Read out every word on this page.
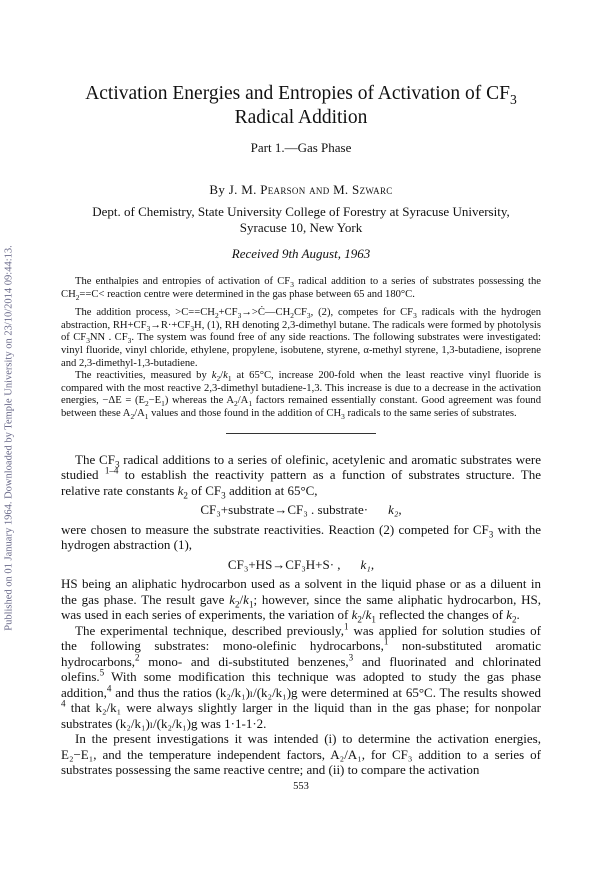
Published on 01 January 1964. Downloaded by Temple University on 23/10/2014 09:44:13.
Activation Energies and Entropies of Activation of $CF_3$
Radical Addition
Part 1.—Gas Phase
By J. M. Pearson and M. Szwarc
Dept. of Chemistry, State University College of Forestry at Syracuse University,
Syracuse 10, New York
Received 9th August, 1963

The enthalpies and entropies of activation of $CF_3$ radical addition to a series of substrates possessing the $CH_2==C<$ reaction centre were determined in the gas phase between 65 and 180°C.

The addition process, $>C==CH_2+CF_3\to>Ċ—CH_2CF_3$, (2), competes for $CF_3$ radicals with the hydrogen abstraction, $RH+CF_3\to R\cdot+CF_3H$, (1), RH denoting 2,3-dimethyl butane. The radicals were formed by photolysis of $CF_3NN$ . $CF_3$. The system was found free of any side reactions. The following substrates were investigated: vinyl fluoride, vinyl chloride, ethylene, propylene, isobutene, styrene, α-methyl styrene, 1,3-butadiene, isoprene and 2,3-dimethyl-1,3-butadiene.

The reactivities, measured by $k_2/k_1$ at 65°C, increase 200-fold when the least reactive vinyl fluoride is compared with the most reactive 2,3-dimethyl butadiene-1,3. This increase is due to a decrease in the activation energies, $-\Delta E = (E_2-E_1)$ whereas the $A_2/A_1$ factors remained essentially constant. Good agreement was found between these $A_2/A_1$ values and those found in the addition of $CH_3$ radicals to the same series of substrates.

The $CF_3$ radical additions to a series of olefinic, acetylenic and aromatic substrates were studied $^{1-4}$ to establish the reactivity pattern as a function of substrates structure. The relative rate constants $k_2$ of $CF_3$ addition at 65°C,

CF₃+substrate→CF₃ . substrate· k₂,

were chosen to measure the substrate reactivities. Reaction (2) competed for $CF_3$ with the hydrogen abstraction (1),

CF₃+HS→CF₃H+S· , k₁,

HS being an aliphatic hydrocarbon used as a solvent in the liquid phase or as a diluent in the gas phase. The result gave $k_2/k_1$; however, since the same aliphatic hydrocarbon, HS, was used in each series of experiments, the variation of $k_2/k_1$ reflected the changes of $k_2$.

The experimental technique, described previously,$^1$ was applied for solution studies of the following substrates: mono-olefinic hydrocarbons,$^1$ non-substituted aromatic hydrocarbons,$^2$ mono- and di-substituted benzenes,$^3$ and fluorinated and chlorinated olefins.$^5$ With some modification this technique was adopted to study the gas phase addition,$^4$ and thus the ratios (k₂/k₁)ₗ/(k₂/k₁)g were determined at 65°C. The results showed $^4$ that k₂/k₁ were always slightly larger in the liquid than in the gas phase; for nonpolar substrates (k₂/k₁)ₗ/(k₂/k₁)g was 1·1-1·2.

In the present investigations it was intended (i) to determine the activation energies, E₂−E₁, and the temperature independent factors, A₂/A₁, for CF₃ addition to a series of substrates possessing the same reactive centre; and (ii) to compare the activation

553
